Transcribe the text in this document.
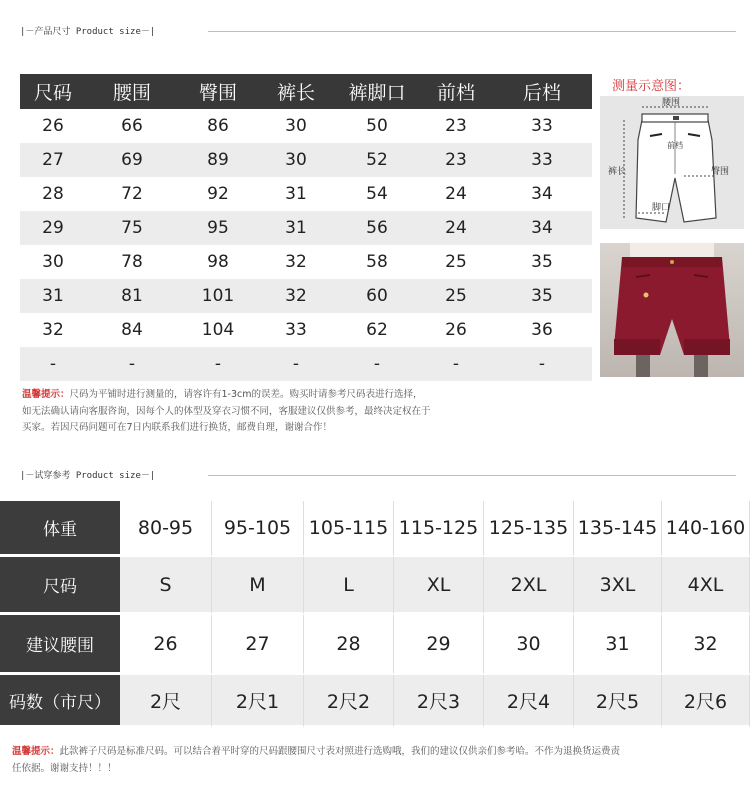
|－产品尺寸 Product size－|
尺码	腰围	臀围	裤长	裤脚口	前档	后档
26	66	86	30	50	23	33
27	69	89	30	52	23	33
28	72	92	31	54	24	34
29	75	95	31	56	24	34
30	78	98	32	58	25	35
31	81	101	32	60	25	35
32	84	104	33	62	26	36
-	-	-	-	-	-	-
测量示意图：
腰围
前档
臀围
裤长
脚口
温馨提示：尺码为平铺时进行测量的，请容许有1-3cm的误差。购买时请参考尺码表进行选择，
如无法确认请向客服咨询，因每个人的体型及穿衣习惯不同，客服建议仅供参考，最终决定权在于
买家。若因尺码问题可在7日内联系我们进行换货，邮费自理，谢谢合作！
|－试穿参考 Product size－|
体重	80-95	95-105	105-115	115-125	125-135	135-145	140-160
尺码	S	M	L	XL	2XL	3XL	4XL
建议腰围	26	27	28	29	30	31	32
码数（市尺）	2尺	2尺1	2尺2	2尺3	2尺4	2尺5	2尺6
温馨提示：此款裤子尺码是标准尺码。可以结合着平时穿的尺码跟腰围尺寸表对照进行选购哦，我们的建议仅供亲们参考哈。不作为退换货运费责
任依据。谢谢支持！！！
